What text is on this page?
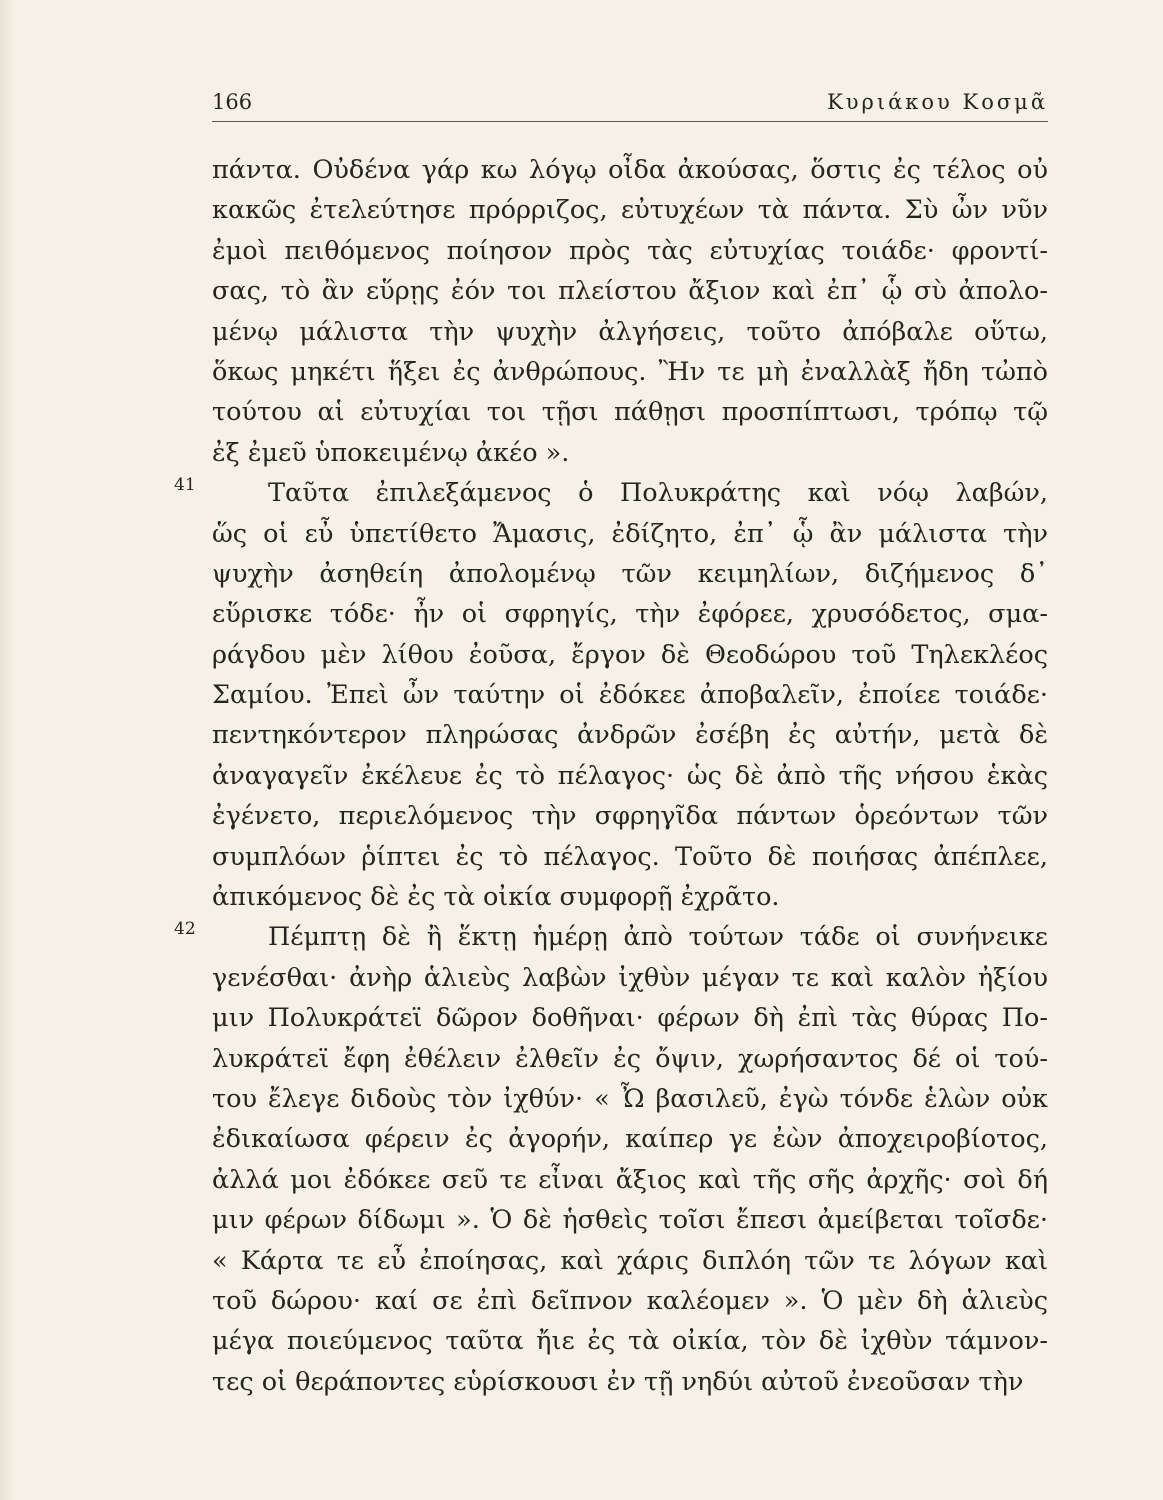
166	Κυριάκου Κοσμᾶ
πάντα. Οὐδένα γάρ κω λόγῳ οἶδα ἀκούσας, ὅστις ἐς τέλος οὐ
κακῶς ἐτελεύτησε πρόρριζος, εὐτυχέων τὰ πάντα. Σὺ ὦν νῦν
ἐμοὶ πειθόμενος ποίησον πρὸς τὰς εὐτυχίας τοιάδε· φροντί-
σας, τὸ ἂν εὕρῃς ἐόν τοι πλείστου ἄξιον καὶ ἐπ᾽ ᾧ σὺ ἀπολο-
μένῳ μάλιστα τὴν ψυχὴν ἀλγήσεις, τοῦτο ἀπόβαλε οὕτω,
ὅκως μηκέτι ἥξει ἐς ἀνθρώπους. Ἢν τε μὴ ἐναλλὰξ ἤδη τὠπὸ
τούτου αἱ εὐτυχίαι τοι τῇσι πάθῃσι προσπίπτωσι, τρόπῳ τῷ
ἐξ ἐμεῦ ὑποκειμένῳ ἀκέο ».
Ταῦτα ἐπιλεξάμενος ὁ Πολυκράτης καὶ νόῳ λαβών,
41
ὥς οἱ εὖ ὑπετίθετο Ἄμασις, ἐδίζητο, ἐπ᾽ ᾧ ἂν μάλιστα τὴν
ψυχὴν ἀσηθείη ἀπολομένῳ τῶν κειμηλίων, διζήμενος δ᾽
εὕρισκε τόδε· ἦν οἱ σφρηγίς, τὴν ἐφόρεε, χρυσόδετος, σμα-
ράγδου μὲν λίθου ἐοῦσα, ἔργον δὲ Θεοδώρου τοῦ Τηλεκλέος
Σαμίου. Ἐπεὶ ὦν ταύτην οἱ ἐδόκεε ἀποβαλεῖν, ἐποίεε τοιάδε·
πεντηκόντερον πληρώσας ἀνδρῶν ἐσέβη ἐς αὐτήν, μετὰ δὲ
ἀναγαγεῖν ἐκέλευε ἐς τὸ πέλαγος· ὡς δὲ ἀπὸ τῆς νήσου ἑκὰς
ἐγένετο, περιελόμενος τὴν σφρηγῖδα πάντων ὁρεόντων τῶν
συμπλόων ῥίπτει ἐς τὸ πέλαγος. Τοῦτο δὲ ποιήσας ἀπέπλεε,
ἀπικόμενος δὲ ἐς τὰ οἰκία συμφορῇ ἐχρᾶτο.
Πέμπτῃ δὲ ἢ ἕκτῃ ἡμέρῃ ἀπὸ τούτων τάδε οἱ συνήνεικε
42
γενέσθαι· ἀνὴρ ἁλιεὺς λαβὼν ἰχθὺν μέγαν τε καὶ καλὸν ἠξίου
μιν Πολυκράτεϊ δῶρον δοθῆναι· φέρων δὴ ἐπὶ τὰς θύρας Πο-
λυκράτεϊ ἔφη ἐθέλειν ἐλθεῖν ἐς ὄψιν, χωρήσαντος δέ οἱ τού-
του ἔλεγε διδοὺς τὸν ἰχθύν· « Ὦ βασιλεῦ, ἐγὼ τόνδε ἑλὼν οὐκ
ἐδικαίωσα φέρειν ἐς ἀγορήν, καίπερ γε ἐὼν ἀποχειροβίοτος,
ἀλλά μοι ἐδόκεε σεῦ τε εἶναι ἄξιος καὶ τῆς σῆς ἀρχῆς· σοὶ δή
μιν φέρων δίδωμι ». Ὁ δὲ ἡσθεὶς τοῖσι ἔπεσι ἀμείβεται τοῖσδε·
« Κάρτα τε εὖ ἐποίησας, καὶ χάρις διπλόη τῶν τε λόγων καὶ
τοῦ δώρου· καί σε ἐπὶ δεῖπνον καλέομεν ». Ὁ μὲν δὴ ἁλιεὺς
μέγα ποιεύμενος ταῦτα ἤιε ἐς τὰ οἰκία, τὸν δὲ ἰχθὺν τάμνον-
τες οἱ θεράποντες εὑρίσκουσι ἐν τῇ νηδύι αὐτοῦ ἐνεοῦσαν τὴν
